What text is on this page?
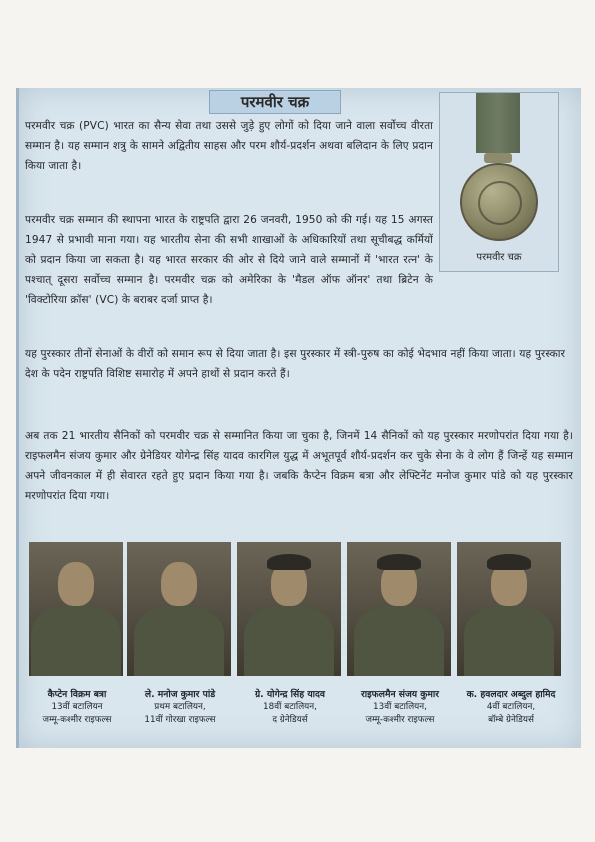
परमवीर चक्र
परमवीर चक्र
परमवीर चक्र (PVC) भारत का सैन्य सेवा तथा उससे जुड़े हुए लोगों को दिया जाने वाला सर्वोच्च वीरता सम्मान है। यह सम्मान शत्रु के सामने अद्वितीय साहस और परम शौर्य-प्रदर्शन अथवा बलिदान के लिए प्रदान किया जाता है।
परमवीर चक्र सम्मान की स्थापना भारत के राष्ट्रपति द्वारा 26 जनवरी, 1950 को की गई। यह 15 अगस्त 1947 से प्रभावी माना गया। यह भारतीय सेना की सभी शाखाओं के अधिकारियों तथा सूचीबद्ध कर्मियों को प्रदान किया जा सकता है। यह भारत सरकार की ओर से दिये जाने वाले सम्मानों में 'भारत रत्न' के पश्चात् दूसरा सर्वोच्च सम्मान है। परमवीर चक्र को अमेरिका के 'मैडल ऑफ ऑनर' तथा ब्रिटेन के 'विक्टोरिया क्रॉस' (VC) के बराबर दर्जा प्राप्त है।
यह पुरस्कार तीनों सेनाओं के वीरों को समान रूप से दिया जाता है। इस पुरस्कार में स्त्री-पुरुष का कोई भेदभाव नहीं किया जाता। यह पुरस्कार देश के पदेन राष्ट्रपति विशिष्ट समारोह में अपने हाथों से प्रदान करते हैं।
अब तक 21 भारतीय सैनिकों को परमवीर चक्र से सम्मानित किया जा चुका है, जिनमें 14 सैनिकों को यह पुरस्कार मरणोपरांत दिया गया है। राइफलमैन संजय कुमार और ग्रेनेडियर योगेन्द्र सिंह यादव कारगिल युद्ध में अभूतपूर्व शौर्य-प्रदर्शन कर चुके सेना के वे लोग हैं जिन्हें यह सम्मान अपने जीवनकाल में ही सेवारत रहते हुए प्रदान किया गया है। जबकि कैप्टेन विक्रम बत्रा और लेफ्टिनेंट मनोज कुमार पांडे को यह पुरस्कार मरणोपरांत दिया गया।
कैप्टेन विक्रम बत्रा
13वीं बटालियन
जम्मू-कश्मीर राइफल्स
ले. मनोज कुमार पांडे
प्रथम बटालियन,
11वीं गोरखा राइफल्स
ग्रे. योगेन्द्र सिंह यादव
18वीं बटालियन,
द ग्रेनेडियर्स
राइफलमैन संजय कुमार
13वीं बटालियन,
जम्मू-कश्मीर राइफल्स
क. हवलदार अब्दुल हामिद
4वीं बटालियन,
बॉम्बे ग्रेनेडियर्स
